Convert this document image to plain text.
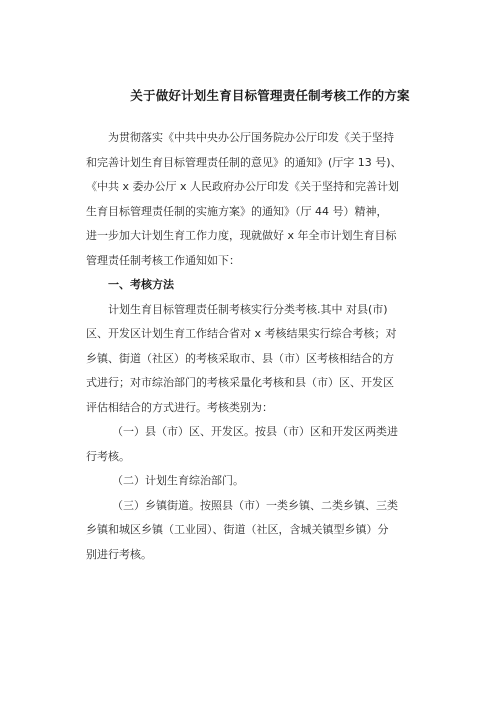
关于做好计划生育目标管理责任制考核工作的方案
为贯彻落实《中共中央办公厅国务院办公厅印发《关于坚持
和完善计划生育目标管理责任制的意见》的通知》(厅字 13 号)、
《中共 x 委办公厅 x 人民政府办公厅印发《关于坚持和完善计划
生育目标管理责任制的实施方案》的通知》（厅 44 号）精神，
进一步加大计划生育工作力度，现就做好 x 年全市计划生育目标
管理责任制考核工作通知如下：
一、考核方法
计划生育目标管理责任制考核实行分类考核.其中 对县(市)
区、开发区计划生育工作结合省对 x 考核结果实行综合考核；对
乡镇、街道（社区）的考核采取市、县（市）区考核相结合的方
式进行；对市综治部门的考核采量化考核和县（市）区、开发区
评估相结合的方式进行。考核类别为：
（一）县（市）区、开发区。按县（市）区和开发区两类进
行考核。
（二）计划生育综治部门。
（三）乡镇街道。按照县（市）一类乡镇、二类乡镇、三类
乡镇和城区乡镇（工业园）、街道（社区，含城关镇型乡镇）分
别进行考核。
